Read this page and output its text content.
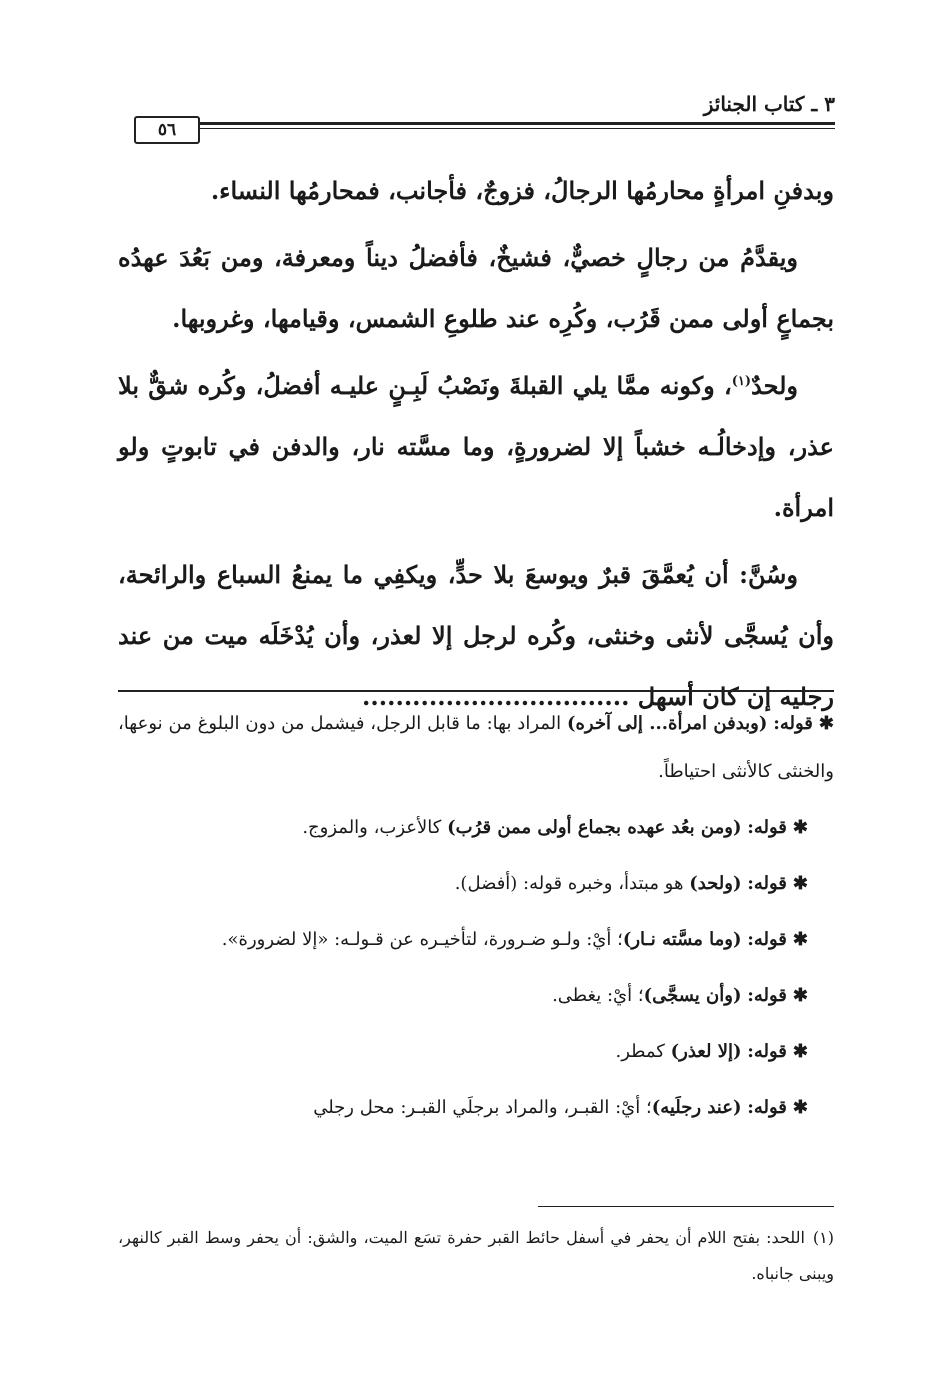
٥٦
٣ ـ كتاب الجنائز

وبدفنِ امرأةٍ محارمُها الرجالُ، فزوجٌ، فأجانب، فمحارمُها النساء.

ويقدَّمُ من رجالٍ خصيٌّ، فشيخٌ، فأفضلُ ديناً ومعرفة، ومن بَعُدَ عهدُه بجماعٍ أولى ممن قَرُب، وكُرِه عند طلوعِ الشمس، وقيامها، وغروبها.

ولحدٌ$^{(١)}$، وكونه ممَّا يلي القبلةَ ونَصْبُ لَبِـنٍ عليـه أفضلُ، وكُره شقٌّ بلا عذر، وإدخالُـه خشباً إلا لضرورةٍ، وما مسَّته نار، والدفن في تابوتٍ ولو امرأة.

وسُنَّ: أن يُعمَّقَ قبرٌ ويوسعَ بلا حدٍّ، ويكفِي ما يمنعُ السباع والرائحة، وأن يُسجَّى لأنثى وخنثى، وكُره لرجل إلا لعذر، وأن يُدْخَلَه ميت من عند رجليه إن كان أسهل ................................

✱قوله: (وبدفن امرأة... إلى آخره) المراد بها: ما قابل الرجل، فيشمل من دون البلوغ من نوعها، والخنثى كالأنثى احتياطاً.

✱قوله: (ومن بعُد عهده بجماع أولى ممن قرُب) كالأعزب، والمزوج.

✱قوله: (ولحد) هو مبتدأ، وخبره قوله: (أفضل).

✱قوله: (وما مسَّته نـار)؛ أيْ: ولـو ضـرورة، لتأخيـره عن قـولـه: «إلا لضرورة».

✱قوله: (وأن يسجَّى)؛ أيْ: يغطى.

✱قوله: (إلا لعذر) كمطر.

✱قوله: (عند رجلَيه)؛ أيْ: القبـر، والمراد برجلَي القبـر: محل رجلي

(١)اللحد: بفتح اللام أن يحفر في أسفل حائط القبر حفرة تسَع الميت، والشق: أن يحفر وسط القبر كالنهر، ويبنى جانباه.
